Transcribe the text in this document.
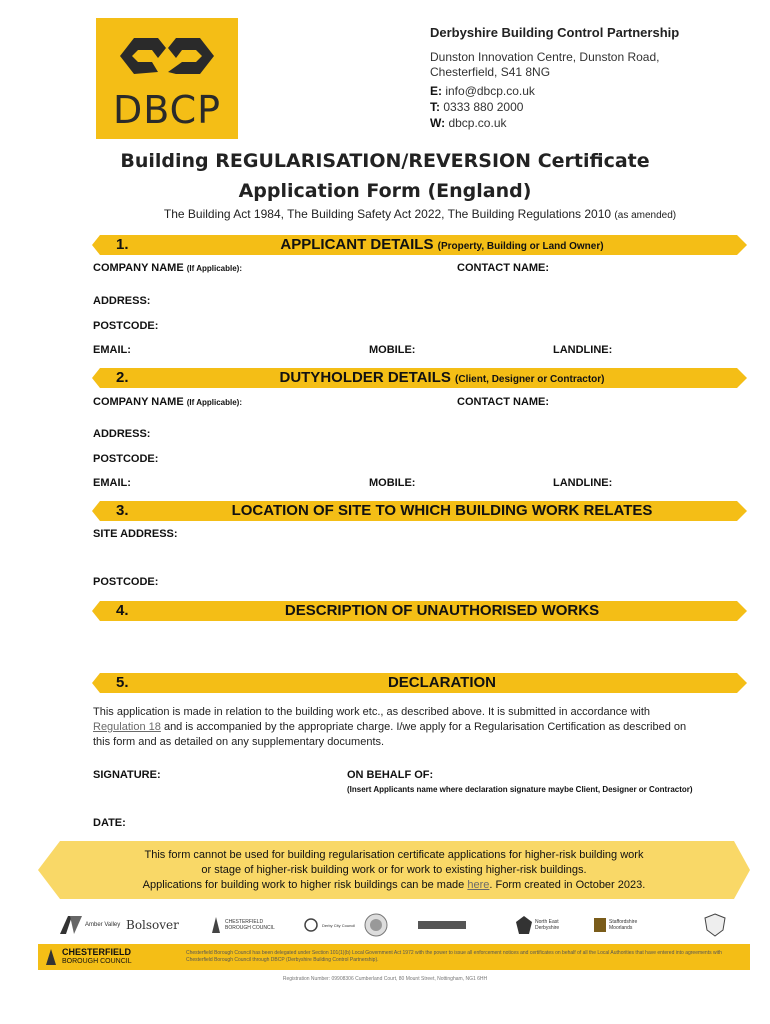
DBCP
Derbyshire Building Control Partnership
Dunston Innovation Centre, Dunston Road,
Chesterfield, S41 8NG
E: info@dbcp.co.uk
T: 0333 880 2000
W: dbcp.co.uk
Building REGULARISATION/REVERSION Certificate
Application Form (England)
The Building Act 1984, The Building Safety Act 2022, The Building Regulations 2010 (as amended)
1.	APPLICANT DETAILS (Property, Building or Land Owner)
COMPANY NAME (If Applicable):	CONTACT NAME:
ADDRESS:
POSTCODE:
EMAIL:	MOBILE:	LANDLINE:
2.	DUTYHOLDER DETAILS (Client, Designer or Contractor)
COMPANY NAME (If Applicable):	CONTACT NAME:
ADDRESS:
POSTCODE:
EMAIL:	MOBILE:	LANDLINE:
3.	LOCATION OF SITE TO WHICH BUILDING WORK RELATES
SITE ADDRESS:
POSTCODE:
4.	DESCRIPTION OF UNAUTHORISED WORKS
5.	DECLARATION
This application is made in relation to the building work etc., as described above. It is submitted in accordance with
Regulation 18 and is accompanied by the appropriate charge. I/we apply for a Regularisation Certification as described on
this form and as detailed on any supplementary documents.
SIGNATURE:	ON BEHALF OF:
(Insert Applicants name where declaration signature maybe Client, Designer or Contractor)
DATE:
This form cannot be used for building regularisation certificate applications for higher-risk building work
or stage of higher-risk building work or for work to existing higher-risk buildings.
Applications for building work to higher risk buildings can be made here. Form created in October 2023.
Amber Valley Bolsover	CHESTERFIELD BOROUGH COUNCIL	Derby City Council	North East Derbyshire
Staffordshire Moorlands
CHESTERFIELD
BOROUGH COUNCIL
Chesterfield Borough Council has been delegated under Section 101(1)(b) Local Government Act 1972 with the power to issue all enforcement notices and certificates on behalf of all the Local Authorities that have entered into agreements with Chesterfield Borough Council through DBCP (Derbyshire Building Control Partnership).
Registration Number: 09908306 Cumberland Court, 80 Mount Street, Nottingham, NG1 6HH
